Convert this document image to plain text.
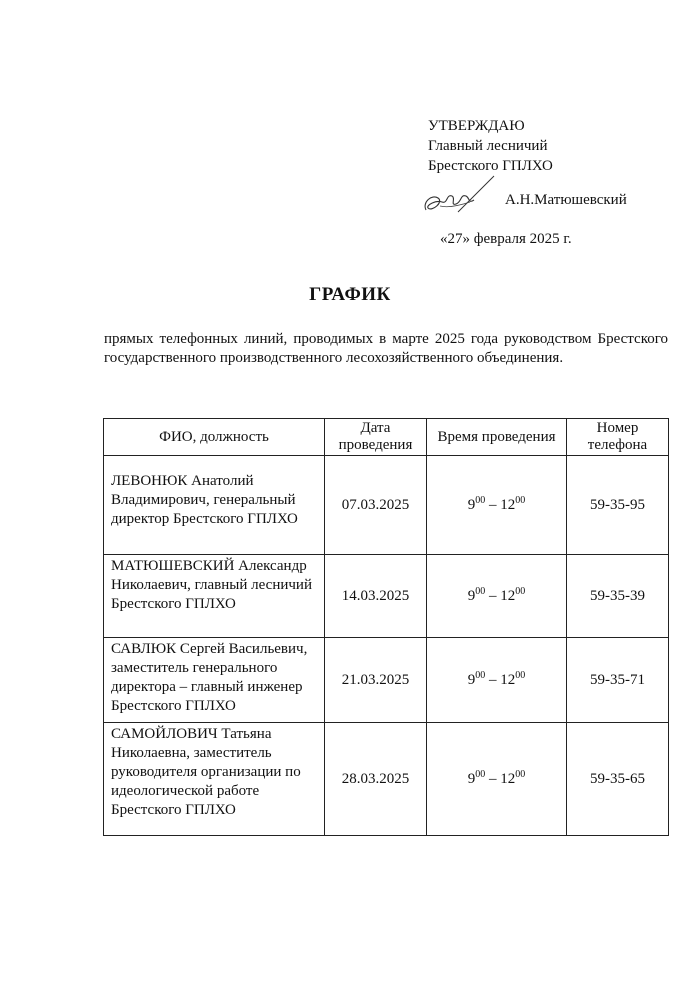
УТВЕРЖДАЮ
Главный лесничий
Брестского ГПЛХО
А.Н.Матюшевский
«27» февраля 2025 г.
ГРАФИК
прямых телефонных линий, проводимых в марте 2025 года руководством Брестского государственного производственного лесохозяйственного объединения.
ФИО, должность	Дата проведения	Время проведения	Номер телефона
ЛЕВОНЮК Анатолий Владимирович, генеральный директор Брестского ГПЛХО	07.03.2025	$9^{00} - 12^{00}$	59-35-95
МАТЮШЕВСКИЙ Александр Николаевич, главный лесничий Брестского ГПЛХО	14.03.2025	$9^{00} - 12^{00}$	59-35-39
САВЛЮК Сергей Васильевич, заместитель генерального директора – главный инженер Брестского ГПЛХО	21.03.2025	$9^{00} - 12^{00}$	59-35-71
САМОЙЛОВИЧ Татьяна Николаевна, заместитель руководителя организации по идеологической работе Брестского ГПЛХО	28.03.2025	$9^{00} - 12^{00}$	59-35-65
